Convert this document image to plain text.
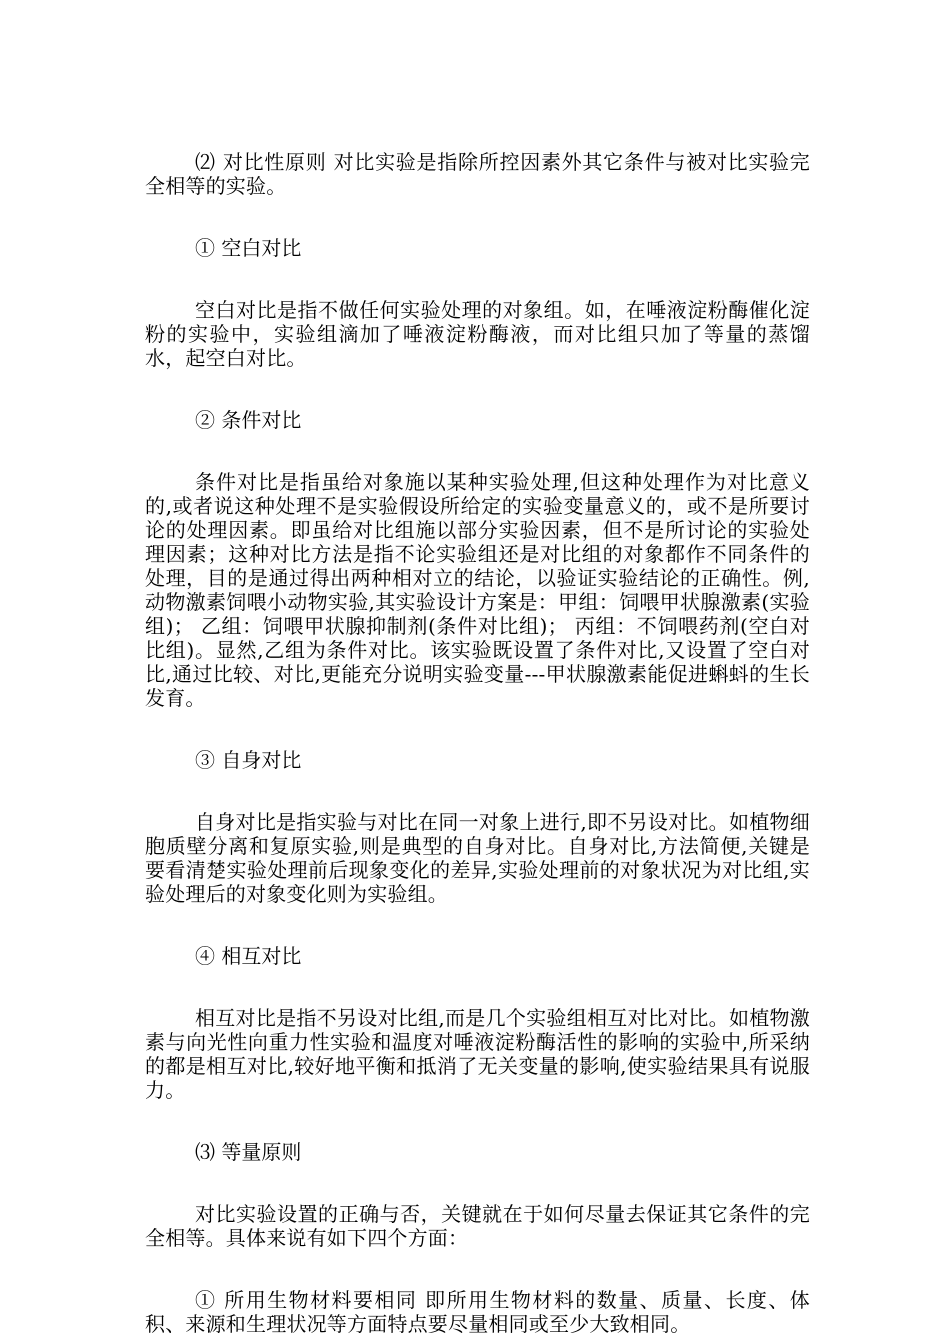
⑵ 对比性原则 对比实验是指除所控因素外其它条件与被对比实验完全相等的实验。

① 空白对比

空白对比是指不做任何实验处理的对象组。如，在唾液淀粉酶催化淀粉的实验中，实验组滴加了唾液淀粉酶液，而对比组只加了等量的蒸馏水，起空白对比。

② 条件对比

条件对比是指虽给对象施以某种实验处理,但这种处理作为对比意义的,或者说这种处理不是实验假设所给定的实验变量意义的，或不是所要讨论的处理因素。即虽给对比组施以部分实验因素，但不是所讨论的实验处理因素；这种对比方法是指不论实验组还是对比组的对象都作不同条件的处理，目的是通过得出两种相对立的结论，以验证实验结论的正确性。例,动物激素饲喂小动物实验,其实验设计方案是：甲组：饲喂甲状腺激素(实验组)； 乙组：饲喂甲状腺抑制剂(条件对比组)； 丙组：不饲喂药剂(空白对比组)。显然,乙组为条件对比。该实验既设置了条件对比,又设置了空白对比,通过比较、对比,更能充分说明实验变量---甲状腺激素能促进蝌蚪的生长发育。

③ 自身对比

自身对比是指实验与对比在同一对象上进行,即不另设对比。如植物细胞质壁分离和复原实验,则是典型的自身对比。自身对比,方法简便,关键是要看清楚实验处理前后现象变化的差异,实验处理前的对象状况为对比组,实验处理后的对象变化则为实验组。

④ 相互对比

相互对比是指不另设对比组,而是几个实验组相互对比对比。如植物激素与向光性向重力性实验和温度对唾液淀粉酶活性的影响的实验中,所采纳的都是相互对比,较好地平衡和抵消了无关变量的影响,使实验结果具有说服力。

⑶ 等量原则

对比实验设置的正确与否，关键就在于如何尽量去保证其它条件的完全相等。具体来说有如下四个方面：

① 所用生物材料要相同 即所用生物材料的数量、质量、长度、体积、来源和生理状况等方面特点要尽量相同或至少大致相同。
